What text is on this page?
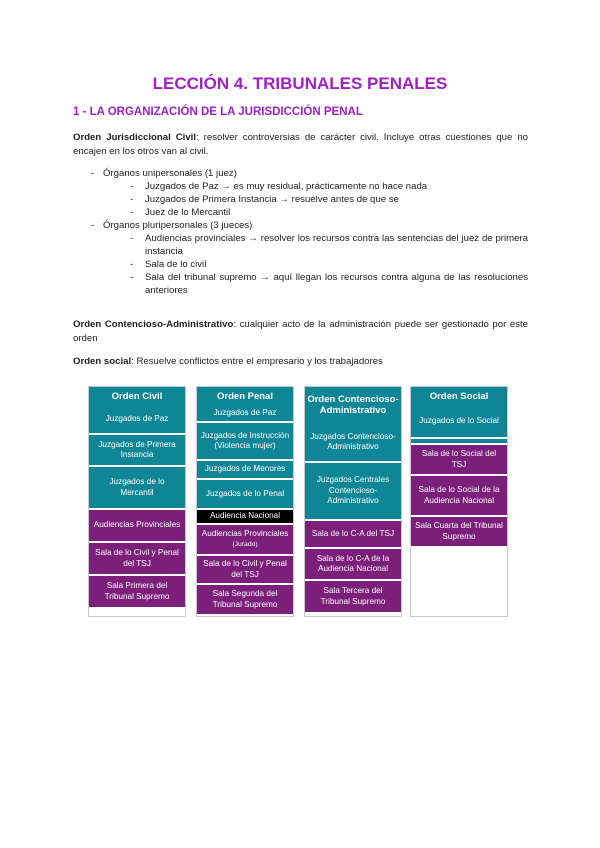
LECCIÓN 4. TRIBUNALES PENALES
1 - LA ORGANIZACIÓN DE LA JURISDICCIÓN PENAL

Orden Jurisdiccional Civil: resolver controversias de carácter civil. Incluye otras cuestiones que no encajen en los otros van al civil.

- Órganos unipersonales (1 juez)
- Juzgados de Paz → es muy residual, prácticamente no hace nada
- Juzgados de Primera Instancia → resuelve antes de que se
- Juez de lo Mercantil
- Órganos pluripersonales (3 jueces)
- Audiencias provinciales → resolver los recursos contra las sentencias del juez de primera instancia
- Sala de lo civil
- Sala del tribunal supremo → aquí llegan los recursos contra alguna de las resoluciones anteriores

Orden Contencioso-Administrativo: cualquier acto de la administración puede ser gestionado por este orden

Orden social: Resuelve conflictos entre el empresario y los trabajadores

Orden Civil
Juzgados de Paz
Juzgados de Primera Instancia
Juzgados de lo Mercantil
Audiencias Provinciales
Sala de lo Civil y Penal del TSJ
Sala Primera del Tribunal Supremo
Orden Penal
Juzgados de Paz
Juzgados de Instrucción (Violencia mujer)
Juzgados de Menores
Juzgados de lo Penal
Audiencia Nacional
Audiencias Provinciales (Jurado)
Sala de lo Civil y Penal del TSJ
Sala Segunda del Tribunal Supremo
Orden Contencioso-Administrativo
Juzgados Contencioso-Administrativo
Juzgados Centrales Contencioso-Administrativo
Sala de lo C-A del TSJ
Sala de lo C-A de la Audiencia Nacional
Sala Tercera del Tribunal Supremo
Orden Social
Juzgados de lo Social
Sala de lo Social del TSJ
Sala de lo Social de la Audiencia Nacional
Sala Cuarta del Tribunal Supremo
